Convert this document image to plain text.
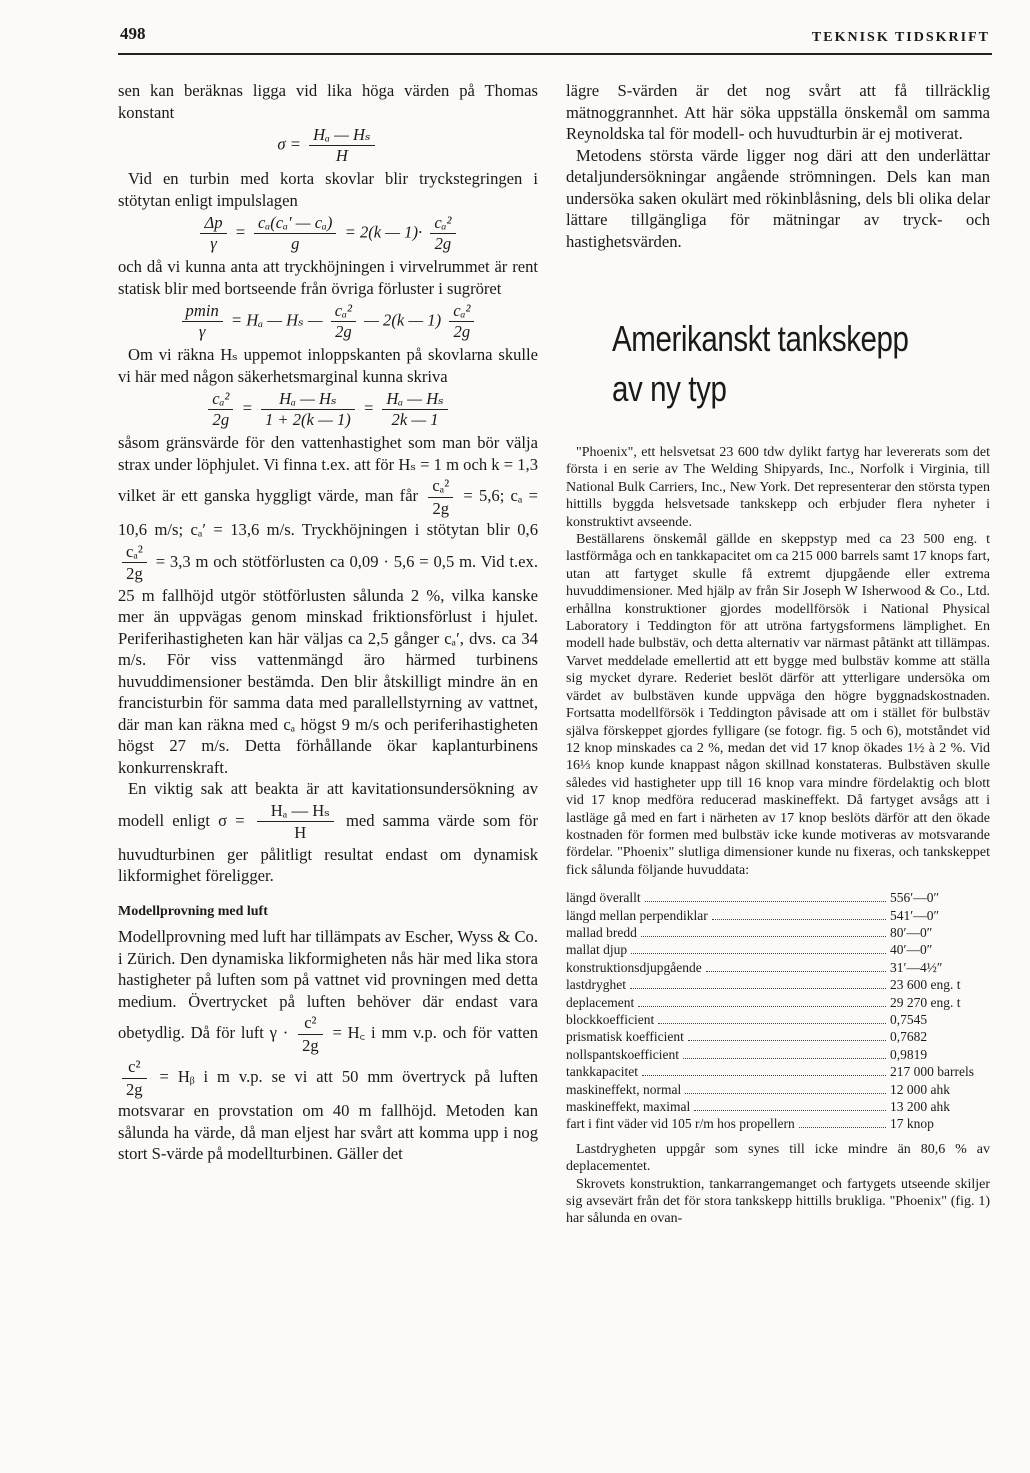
498	TEKNISK TIDSKRIFT

sen kan beräknas ligga vid lika höga värden på Thomas konstant

$\sigma = \frac{\text{Hₐ — Hₛ}}{H}$

Vid en turbin med korta skovlar blir tryckstegringen i stötytan enligt impulslagen

$\frac{\Delta p}{\gamma} = \frac{\text{cₐ(cₐ′ — cₐ)}}{g} = 2(k$ — $1)\cdot \frac{\text{cₐ²}}{2g}$

och då vi kunna anta att tryckhöjningen i virvelrummet är rent statisk blir med bortseende från övriga förluster i sugröret

$\frac{pmin}{\gamma} = H_a$ — Hₛ — $\frac{\text{cₐ²}}{2g}$ — 2(k — $1) \frac{\text{cₐ²}}{2g}$

Om vi räkna Hₛ uppemot inloppskanten på skovlarna skulle vi här med någon säkerhetsmarginal kunna skriva

$\frac{\text{cₐ²}}{2g} = \frac{\text{Hₐ — Hₛ}}{1 + 2(k — 1)} = \frac{\text{Hₐ — Hₛ}}{2k — 1}$

såsom gränsvärde för den vattenhastighet som man bör välja strax under löphjulet. Vi finna t.ex. att för Hₛ = 1 m och k = 1,3 vilket är ett ganska hyggligt värde, man får $\frac{\text{cₐ²}}{2g} = 5,6$; cₐ = 10,6 m/s; cₐ′ = 13,6 m/s. Tryckhöjningen i stötytan blir 0,6
$\frac{\text{cₐ²}}{2g} = 3,3$ m och stötförlusten ca 0,09 · 5,6 = 0,5 m. Vid t.ex. 25 m fallhöjd utgör stötförlusten sålunda 2 %, vilka kanske mer än uppvägas genom minskad friktionsförlust i hjulet. Periferihastigheten kan här väljas ca 2,5 gånger cₐ′, dvs. ca 34 m/s. För viss vattenmängd äro härmed turbinens huvuddimensioner bestämda. Den blir åtskilligt mindre än en francisturbin för samma data med parallellstyrning av vattnet, där man kan räkna med cₐ högst 9 m/s och periferihastigheten högst 27 m/s. Detta förhållande ökar kaplanturbinens konkurrenskraft.

En viktig sak att beakta är att kavitationsundersökning av modell enligt $\sigma = \frac{\text{Hₐ — Hₛ}}{H}$ med samma värde som för huvudturbinen ger pålitligt resultat endast om dynamisk likformighet föreligger.

Modellprovning med luft

Modellprovning med luft har tillämpats av Escher, Wyss & Co. i Zürich. Den dynamiska likformigheten nås här med lika stora hastigheter på luften som på vattnet vid provningen med detta medium. Övertrycket på luften behöver där endast vara obetydlig. Då för luft $\gamma \cdot \frac{\text{c²}}{2g}$ = H꜀ i mm v.p. och för vatten
$\frac{\text{c²}}{2g}$ = Hᵦ i m v.p. se vi att 50 mm övertryck på luften motsvarar en provstation om 40 m fallhöjd. Metoden kan sålunda ha värde, då man eljest har svårt att komma upp i nog stort S-värde på modellturbinen. Gäller det

lägre S-värden är det nog svårt att få tillräcklig mätnoggrannhet. Att här söka uppställa önskemål om samma Reynoldska tal för modell- och huvudturbin är ej motiverat.

Metodens största värde ligger nog däri att den underlättar detaljundersökningar angående strömningen. Dels kan man undersöka saken okulärt med rökinblåsning, dels bli olika delar lättare tillgängliga för mätningar av tryck- och hastighetsvärden.

Amerikanskt tankskepp
av ny typ

"Phoenix", ett helsvetsat 23 600 tdw dylikt fartyg har levererats som det första i en serie av The Welding Shipyards, Inc., Norfolk i Virginia, till National Bulk Carriers, Inc., New York. Det representerar den största typen hittills byggda helsvetsade tankskepp och erbjuder flera nyheter i konstruktivt avseende.

Beställarens önskemål gällde en skeppstyp med ca 23 500 eng. t lastförmåga och en tankkapacitet om ca 215 000 barrels samt 17 knops fart, utan att fartyget skulle få extremt djupgående eller extrema huvuddimensioner. Med hjälp av från Sir Joseph W Isherwood & Co., Ltd. erhållna konstruktioner gjordes modellförsök i National Physical Laboratory i Teddington för att utröna fartygsformens lämplighet. En modell hade bulbstäv, och detta alternativ var närmast påtänkt att tillämpas. Varvet meddelade emellertid att ett bygge med bulbstäv komme att ställa sig mycket dyrare. Rederiet beslöt därför att ytterligare undersöka om värdet av bulbstäven kunde uppväga den högre byggnadskostnaden. Fortsatta modellförsök i Teddington påvisade att om i stället för bulbstäv själva förskeppet gjordes fylligare (se fotogr. fig. 5 och 6), motståndet vid 12 knop minskades ca 2 %, medan det vid 17 knop ökades 1½ à 2 %. Vid 16⅓ knop kunde knappast någon skillnad konstateras. Bulbstäven skulle således vid hastigheter upp till 16 knop vara mindre fördelaktig och blott vid 17 knop medföra reducerad maskineffekt. Då fartyget avsågs att i lastläge gå med en fart i närheten av 17 knop beslöts därför att den ökade kostnaden för formen med bulbstäv icke kunde motiveras av motsvarande fördelar. "Phoenix" slutliga dimensioner kunde nu fixeras, och tankskeppet fick sålunda följande huvuddata:

längd överallt	556′—0″
längd mellan perpendiklar	541′—0″
mallad bredd	80′—0″
mallat djup	40′—0″
konstruktionsdjupgående	31′—4½″
lastdryghet	23 600 eng. t
deplacement	29 270 eng. t
blockkoefficient	0,7545
prismatisk koefficient	0,7682
nollspantskoefficient	0,9819
tankkapacitet	217 000 barrels
maskineffekt, normal	12 000 ahk
maskineffekt, maximal	13 200 ahk
fart i fint väder vid 105 r/m hos propellern	17 knop

Lastdrygheten uppgår som synes till icke mindre än 80,6 % av deplacementet.

Skrovets konstruktion, tankarrangemanget och fartygets utseende skiljer sig avsevärt från det för stora tankskepp hittills brukliga. "Phoenix" (fig. 1) har sålunda en ovan-
